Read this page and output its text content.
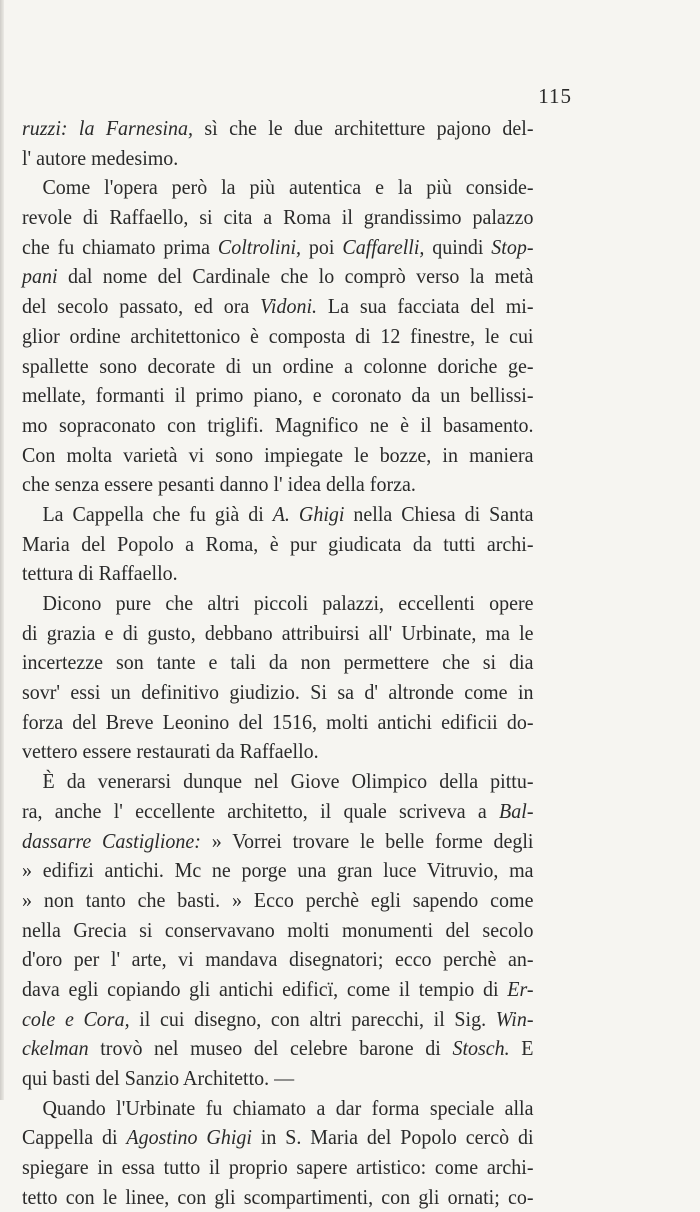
115
ruzzi: la Farnesina, sì che le due architetture pajono del-
l' autore medesimo.
Come l'opera però la più autentica e la più conside-
revole di Raffaello, si cita a Roma il grandissimo palazzo
che fu chiamato prima Coltrolini, poi Caffarelli, quindi Stop-
pani dal nome del Cardinale che lo comprò verso la metà
del secolo passato, ed ora Vidoni. La sua facciata del mi-
glior ordine architettonico è composta di 12 finestre, le cui
spallette sono decorate di un ordine a colonne doriche ge-
mellate, formanti il primo piano, e coronato da un bellissi-
mo sopraconato con triglifi. Magnifico ne è il basamento.
Con molta varietà vi sono impiegate le bozze, in maniera
che senza essere pesanti danno l' idea della forza.
La Cappella che fu già di A. Ghigi nella Chiesa di Santa
Maria del Popolo a Roma, è pur giudicata da tutti archi-
tettura di Raffaello.
Dicono pure che altri piccoli palazzi, eccellenti opere
di grazia e di gusto, debbano attribuirsi all' Urbinate, ma le
incertezze son tante e tali da non permettere che si dia
sovr' essi un definitivo giudizio. Si sa d' altronde come in
forza del Breve Leonino del 1516, molti antichi edificii do-
vettero essere restaurati da Raffaello.
È da venerarsi dunque nel Giove Olimpico della pittu-
ra, anche l' eccellente architetto, il quale scriveva a Bal-
dassarre Castiglione: » Vorrei trovare le belle forme degli
» edifizi antichi. Mc ne porge una gran luce Vitruvio, ma
» non tanto che basti. » Ecco perchè egli sapendo come
nella Grecia si conservavano molti monumenti del secolo
d'oro per l' arte, vi mandava disegnatori; ecco perchè an-
dava egli copiando gli antichi edificï, come il tempio di Er-
cole e Cora, il cui disegno, con altri parecchi, il Sig. Win-
ckelman trovò nel museo del celebre barone di Stosch. E
qui basti del Sanzio Architetto. —
Quando l'Urbinate fu chiamato a dar forma speciale alla
Cappella di Agostino Ghigi in S. Maria del Popolo cercò di
spiegare in essa tutto il proprio sapere artistico: come archi-
tetto con le linee, con gli scompartimenti, con gli ornati; co-
